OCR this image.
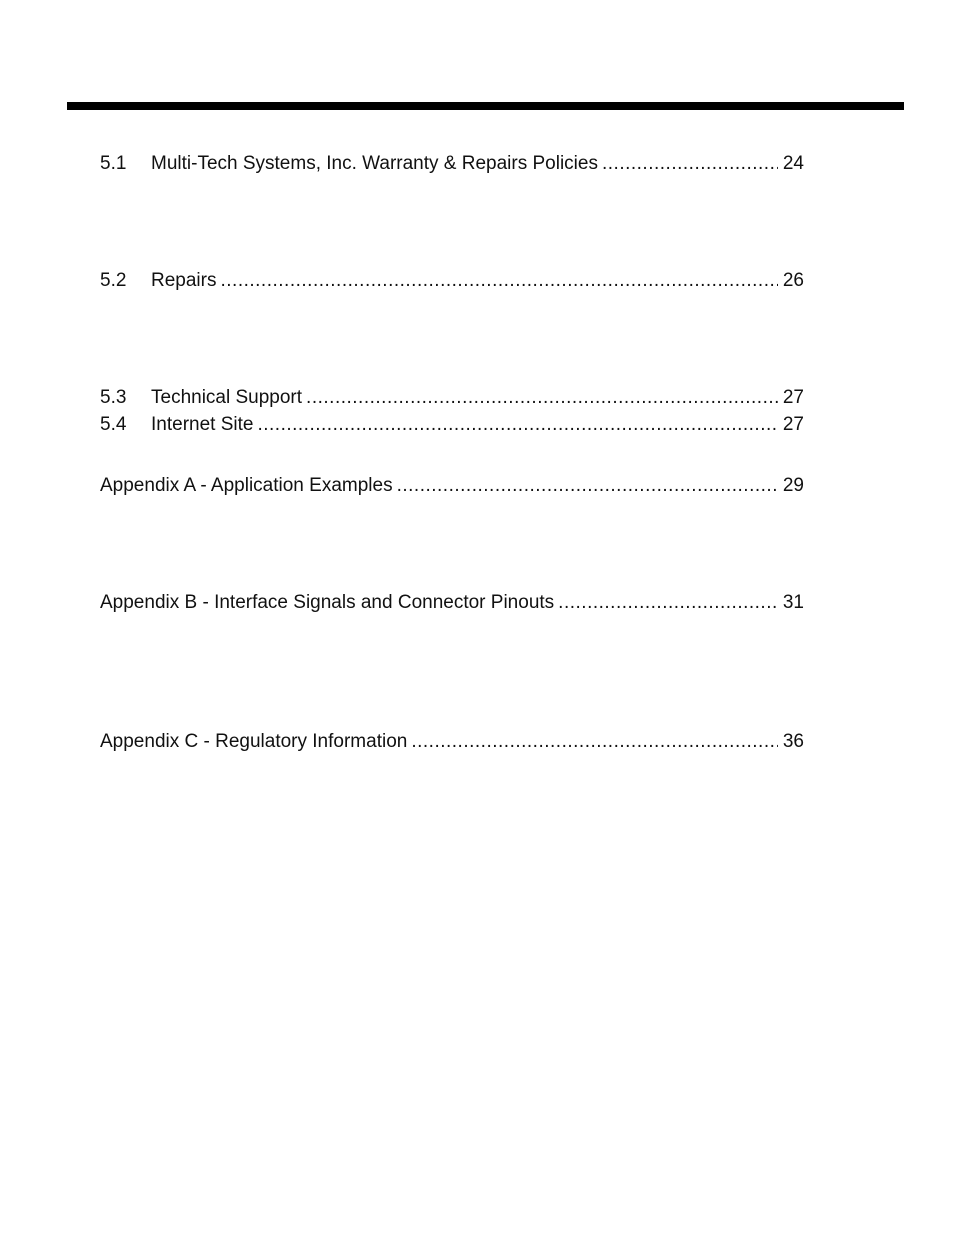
5.1	Multi-Tech Systems, Inc. Warranty & Repairs Policies .....	24
5.2	Repairs .....	26
5.3	Technical Support .....	27
5.4	Internet Site .....	27
Appendix A - Application Examples .....	29
Appendix B - Interface Signals and Connector Pinouts .....	31
Appendix C - Regulatory Information .....	36
